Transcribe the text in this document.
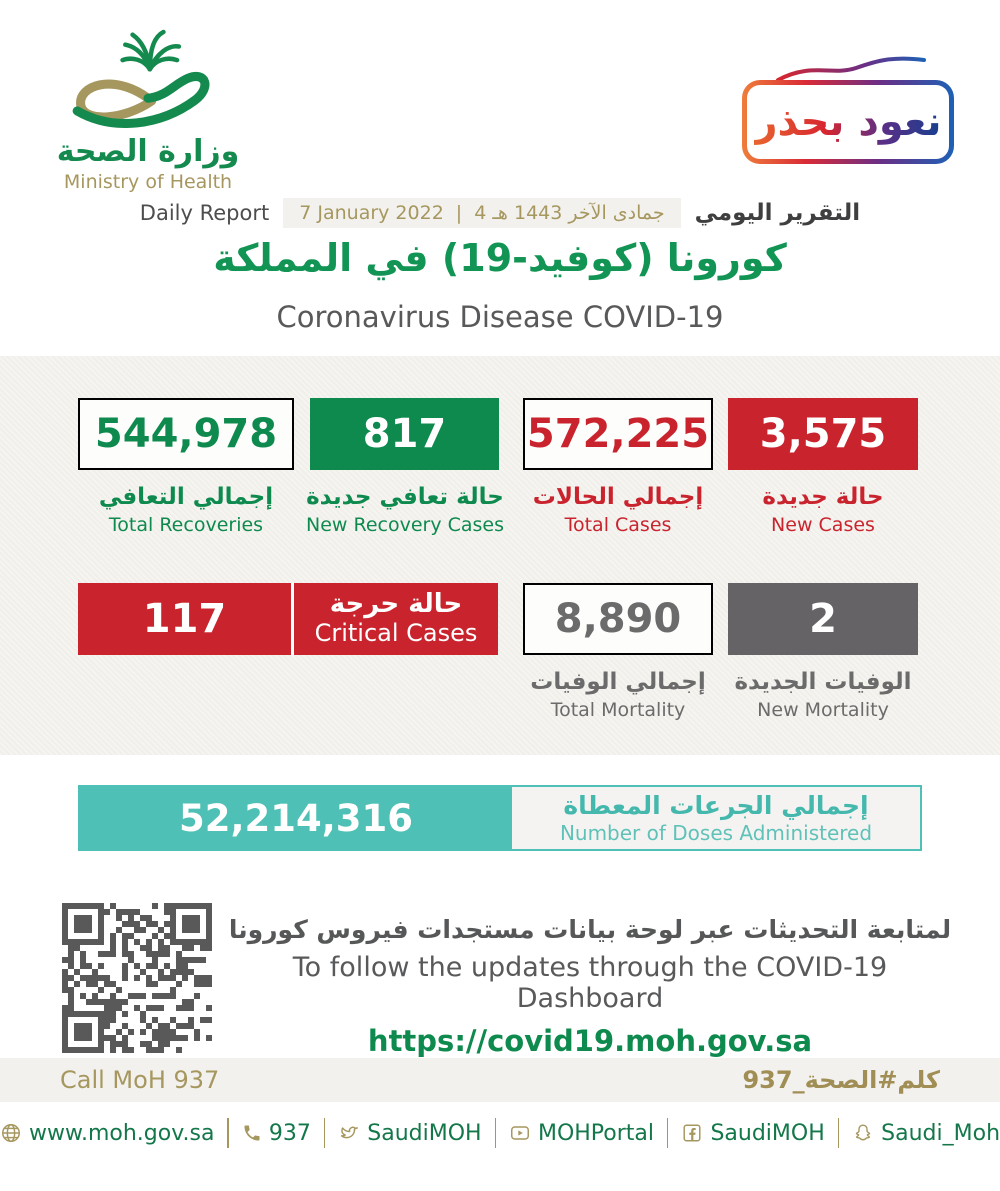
وزارة الصحة
Ministry of Health
نعود بحذر
Daily Report 7 January 2022 | 4 جمادى الآخر 1443 هـ التقرير اليومي
كورونا (كوفيد-19) في المملكة
Coronavirus Disease COVID-19
544,978 817 572,225 3,575
إجمالي التعافي
Total Recoveries
حالة تعافي جديدة
New Recovery Cases
إجمالي الحالات
Total Cases
حالة جديدة
New Cases
117	حالة حرجة
Critical Cases 8,890	2
إجمالي الوفيات
Total Mortality
الوفيات الجديدة
New Mortality
52,214,316	إجمالي الجرعات المعطاة
Number of Doses Administered
لمتابعة التحديثات عبر لوحة بيانات مستجدات فيروس كورونا
To follow the updates through the COVID-19 Dashboard
https://covid19.moh.gov.sa
Call MoH 937	كلم#الصحة_937
www.moh.gov.sa 937	SaudiMOH	MOHPortal	SaudiMOH	Saudi_Moh
